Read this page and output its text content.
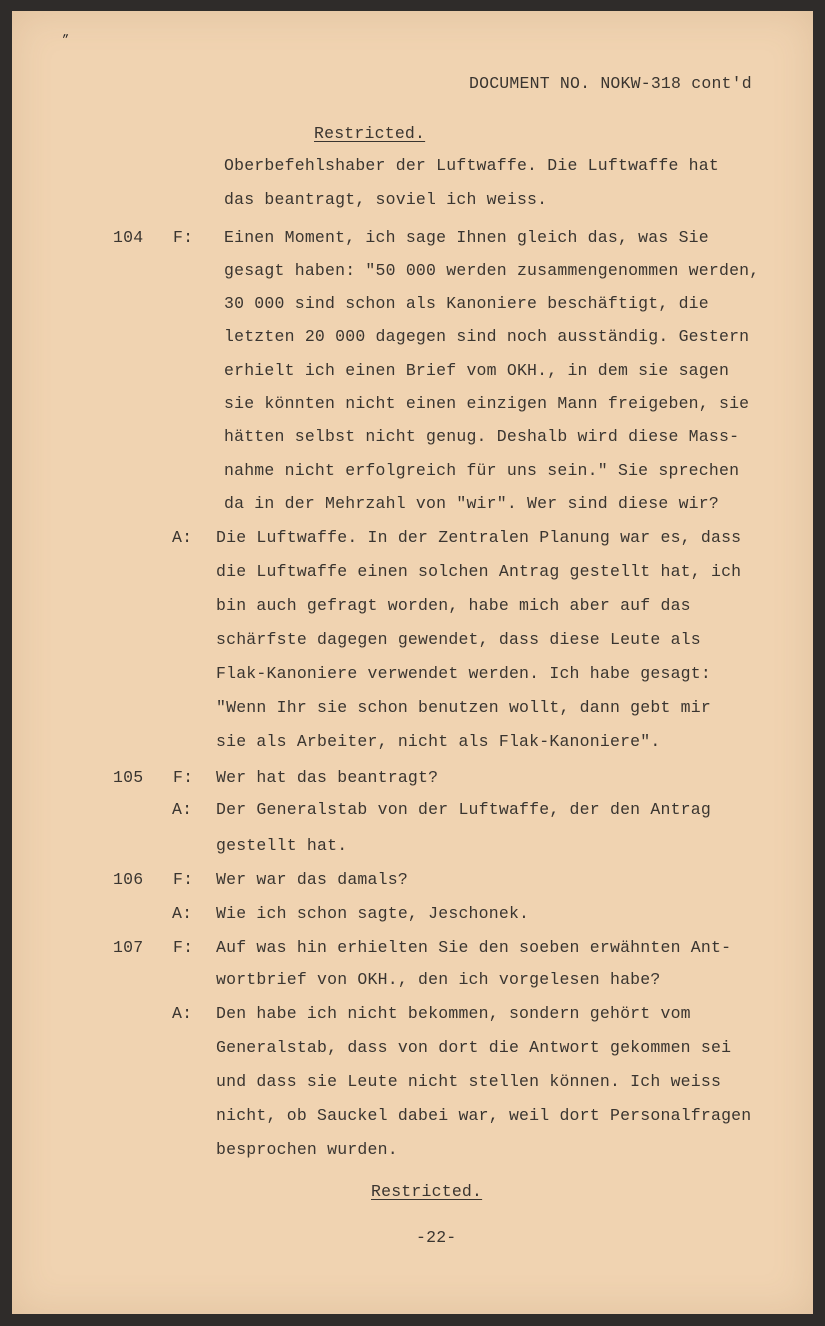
„
DOCUMENT NO. NOKW-318 cont'd
Restricted.
Oberbefehlshaber der Luftwaffe. Die Luftwaffe hat
das beantragt, soviel ich weiss.
104 F: Einen Moment, ich sage Ihnen gleich das, was Sie
gesagt haben: "50 000 werden zusammengenommen werden,
30 000 sind schon als Kanoniere beschäftigt, die
letzten 20 000 dagegen sind noch ausständig. Gestern
erhielt ich einen Brief vom OKH., in dem sie sagen
sie könnten nicht einen einzigen Mann freigeben, sie
hätten selbst nicht genug. Deshalb wird diese Mass-
nahme nicht erfolgreich für uns sein." Sie sprechen
da in der Mehrzahl von "wir". Wer sind diese wir?
A: Die Luftwaffe. In der Zentralen Planung war es, dass
die Luftwaffe einen solchen Antrag gestellt hat, ich
bin auch gefragt worden, habe mich aber auf das
schärfste dagegen gewendet, dass diese Leute als
Flak-Kanoniere verwendet werden. Ich habe gesagt:
"Wenn Ihr sie schon benutzen wollt, dann gebt mir
sie als Arbeiter, nicht als Flak-Kanoniere".
105 F: Wer hat das beantragt?
A: Der Generalstab von der Luftwaffe, der den Antrag
gestellt hat.
106 F: Wer war das damals?
A: Wie ich schon sagte, Jeschonek.
107 F: Auf was hin erhielten Sie den soeben erwähnten Ant-
wortbrief von OKH., den ich vorgelesen habe?
A: Den habe ich nicht bekommen, sondern gehört vom
Generalstab, dass von dort die Antwort gekommen sei
und dass sie Leute nicht stellen können. Ich weiss
nicht, ob Sauckel dabei war, weil dort Personalfragen
besprochen wurden.
Restricted.
-22-
